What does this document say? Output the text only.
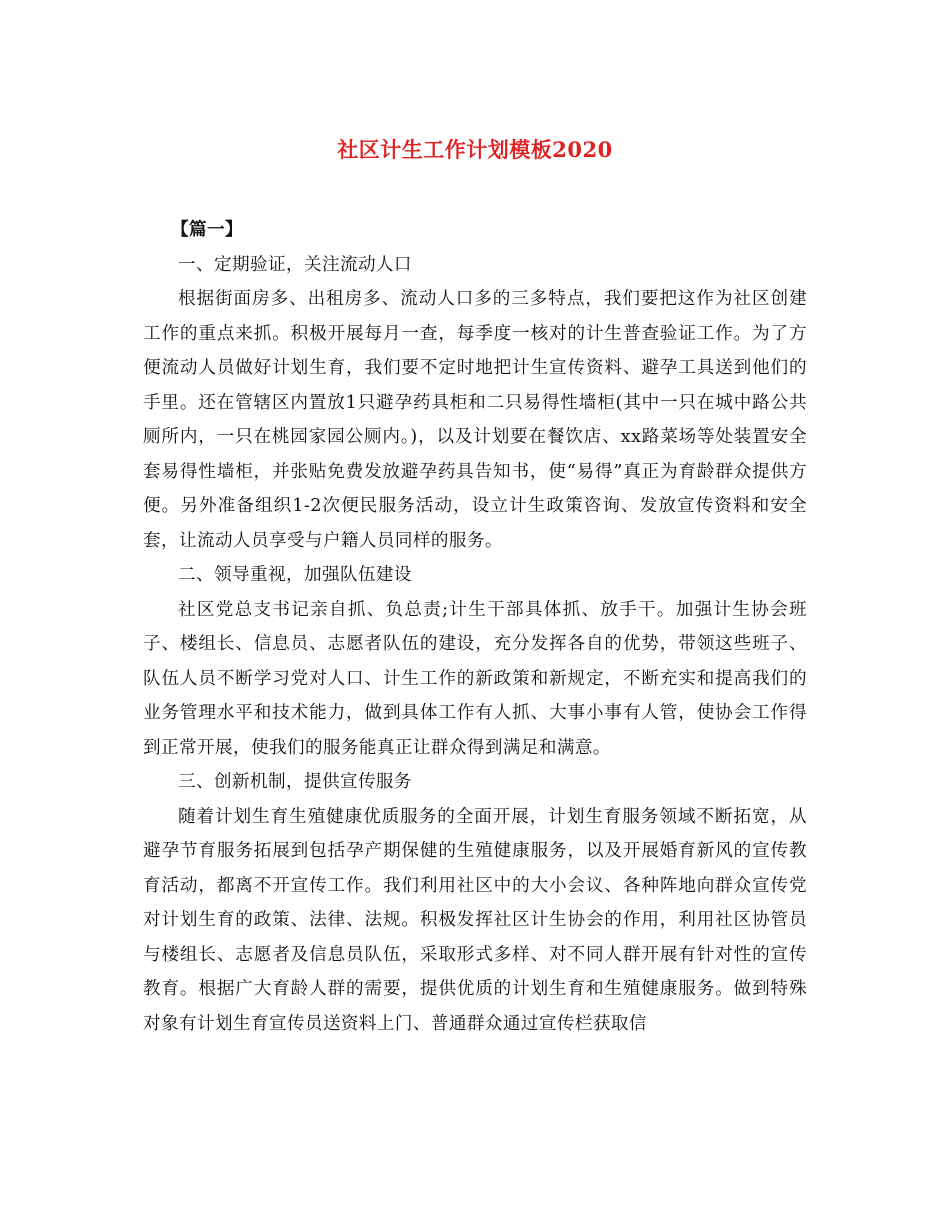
社区计生工作计划模板2020

【篇一】

一、定期验证，关注流动人口

根据街面房多、出租房多、流动人口多的三多特点，我们要把这作为社区创建工作的重点来抓。积极开展每月一查，每季度一核对的计生普查验证工作。为了方便流动人员做好计划生育，我们要不定时地把计生宣传资料、避孕工具送到他们的手里。还在管辖区内置放1只避孕药具柜和二只易得性墙柜(其中一只在城中路公共厕所内，一只在桃园家园公厕内。)，以及计划要在餐饮店、xx路菜场等处装置安全套易得性墙柜，并张贴免费发放避孕药具告知书，使“易得”真正为育龄群众提供方便。另外准备组织1-2次便民服务活动，设立计生政策咨询、发放宣传资料和安全套，让流动人员享受与户籍人员同样的服务。

二、领导重视，加强队伍建设

社区党总支书记亲自抓、负总责;计生干部具体抓、放手干。加强计生协会班子、楼组长、信息员、志愿者队伍的建设，充分发挥各自的优势，带领这些班子、队伍人员不断学习党对人口、计生工作的新政策和新规定，不断充实和提高我们的业务管理水平和技术能力，做到具体工作有人抓、大事小事有人管，使协会工作得到正常开展，使我们的服务能真正让群众得到满足和满意。

三、创新机制，提供宣传服务

随着计划生育生殖健康优质服务的全面开展，计划生育服务领域不断拓宽，从避孕节育服务拓展到包括孕产期保健的生殖健康服务，以及开展婚育新风的宣传教育活动，都离不开宣传工作。我们利用社区中的大小会议、各种阵地向群众宣传党对计划生育的政策、法律、法规。积极发挥社区计生协会的作用，利用社区协管员与楼组长、志愿者及信息员队伍，采取形式多样、对不同人群开展有针对性的宣传教育。根据广大育龄人群的需要，提供优质的计划生育和生殖健康服务。做到特殊对象有计划生育宣传员送资料上门、普通群众通过宣传栏获取信
